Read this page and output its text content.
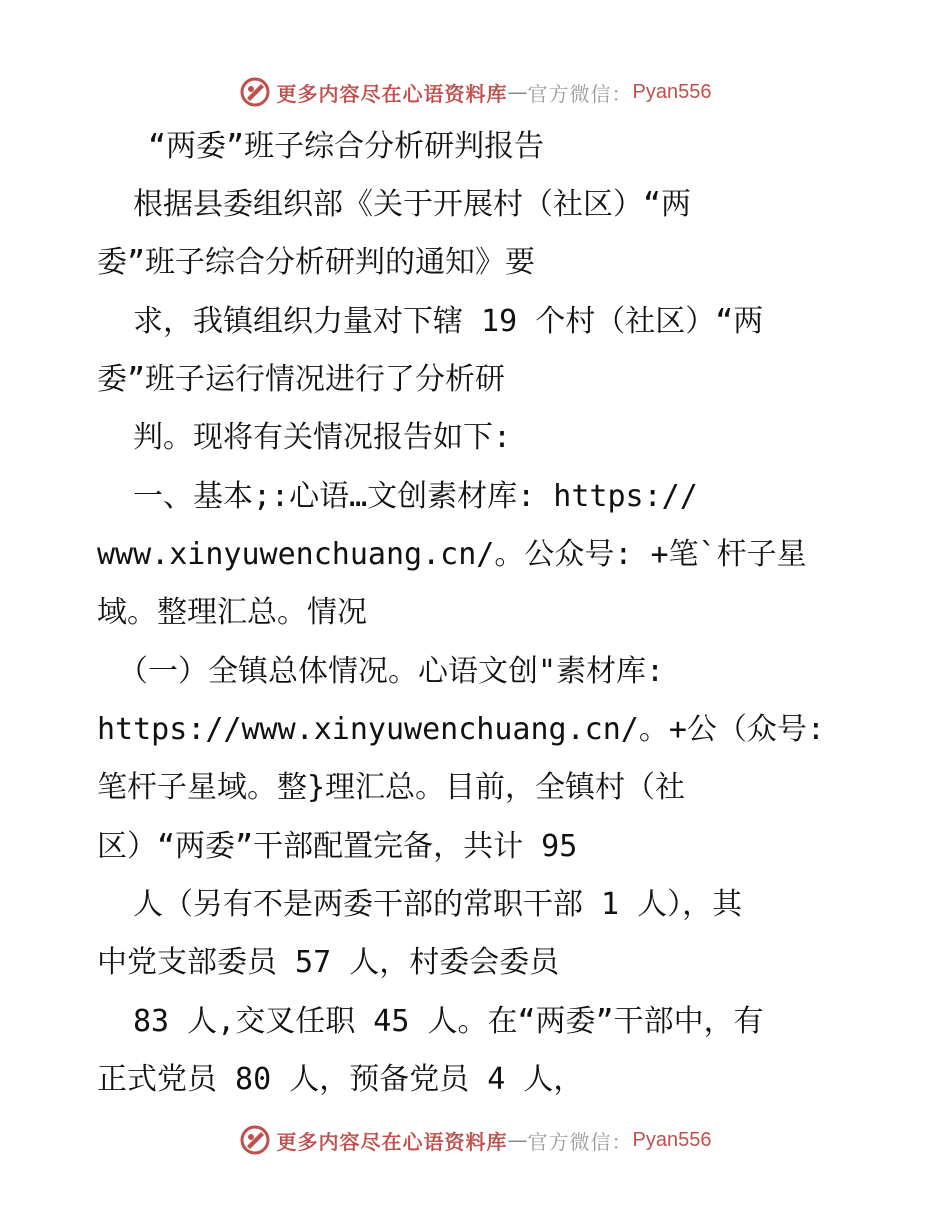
更多内容尽在心语资料库 — 官方微信： Pyan556
“两委”班子综合分析研判报告
根据县委组织部《关于开展村（社区）“两
委”班子综合分析研判的通知》要
求，我镇组织力量对下辖 19 个村（社区）“两
委”班子运行情况进行了分析研
判。现将有关情况报告如下:
一、基本;:心语…文创素材库: https://
www.xinyuwenchuang.cn/。公众号: +笔`杆子星
域。整理汇总。情况
（一）全镇总体情况。心语文创"素材库:
https://www.xinyuwenchuang.cn/。+公（众号:
笔杆子星域。整}理汇总。目前，全镇村（社
区）“两委”干部配置完备，共计 95
人（另有不是两委干部的常职干部 1 人），其
中党支部委员 57 人，村委会委员
83 人,交叉任职 45 人。在“两委”干部中，有
正式党员 80 人，预备党员 4 人，
更多内容尽在心语资料库 — 官方微信： Pyan556
